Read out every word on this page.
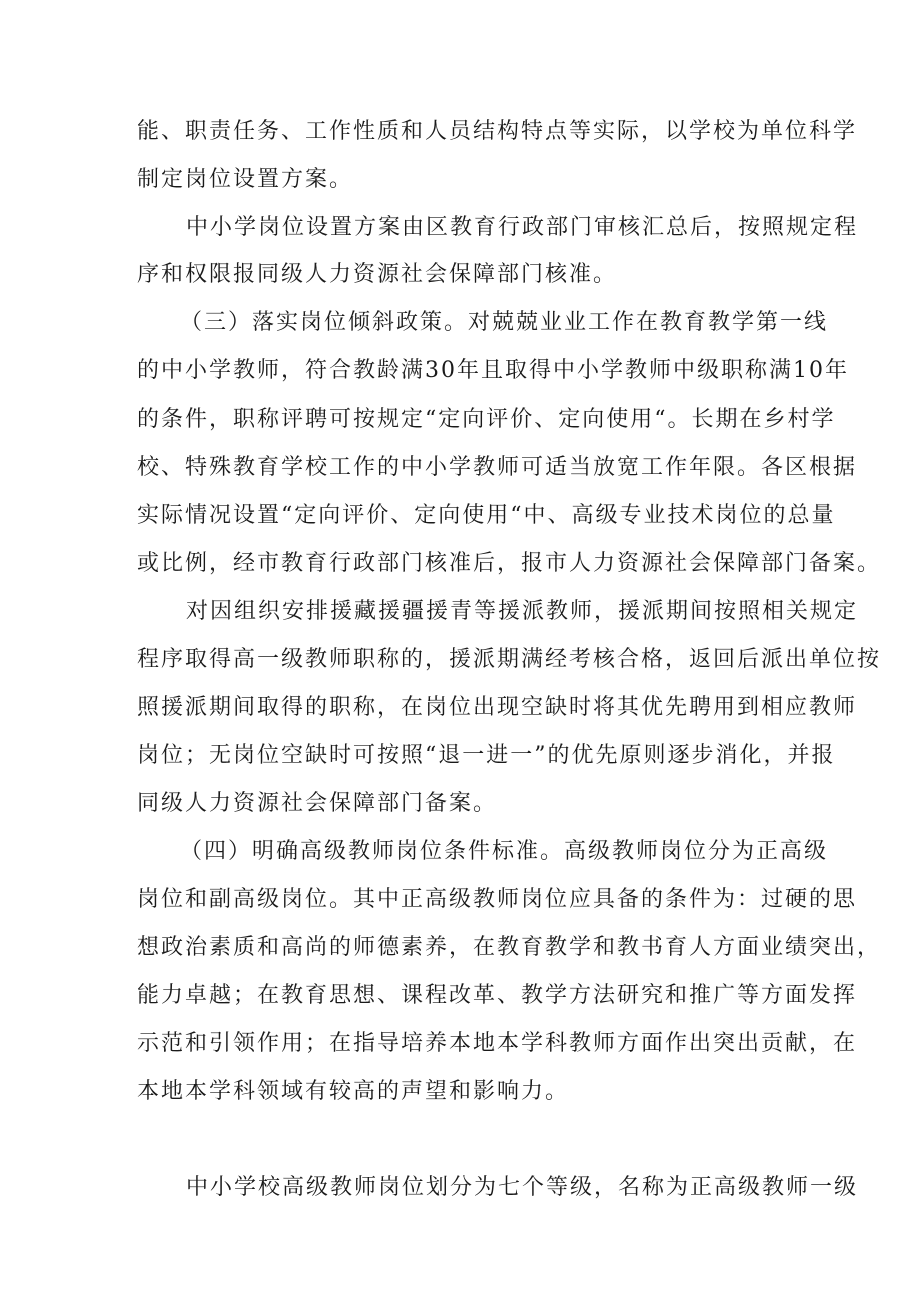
能、职责任务、工作性质和人员结构特点等实际，以学校为单位科学
制定岗位设置方案。
中小学岗位设置方案由区教育行政部门审核汇总后，按照规定程
序和权限报同级人力资源社会保障部门核准。
（三）落实岗位倾斜政策。对兢兢业业工作在教育教学第一线
的中小学教师，符合教龄满30年且取得中小学教师中级职称满10年
的条件，职称评聘可按规定“定向评价、定向使用“。长期在乡村学
校、特殊教育学校工作的中小学教师可适当放宽工作年限。各区根据
实际情况设置“定向评价、定向使用“中、高级专业技术岗位的总量
或比例，经市教育行政部门核准后，报市人力资源社会保障部门备案。
对因组织安排援藏援疆援青等援派教师，援派期间按照相关规定
程序取得高一级教师职称的，援派期满经考核合格，返回后派出单位按
照援派期间取得的职称，在岗位出现空缺时将其优先聘用到相应教师
岗位；无岗位空缺时可按照“退一进一”的优先原则逐步消化，并报
同级人力资源社会保障部门备案。
（四）明确高级教师岗位条件标准。高级教师岗位分为正高级
岗位和副高级岗位。其中正高级教师岗位应具备的条件为：过硬的思
想政治素质和高尚的师德素养，在教育教学和教书育人方面业绩突出，
能力卓越；在教育思想、课程改革、教学方法研究和推广等方面发挥
示范和引领作用；在指导培养本地本学科教师方面作出突出贡献，在
本地本学科领域有较高的声望和影响力。
中小学校高级教师岗位划分为七个等级，名称为正高级教师一级
